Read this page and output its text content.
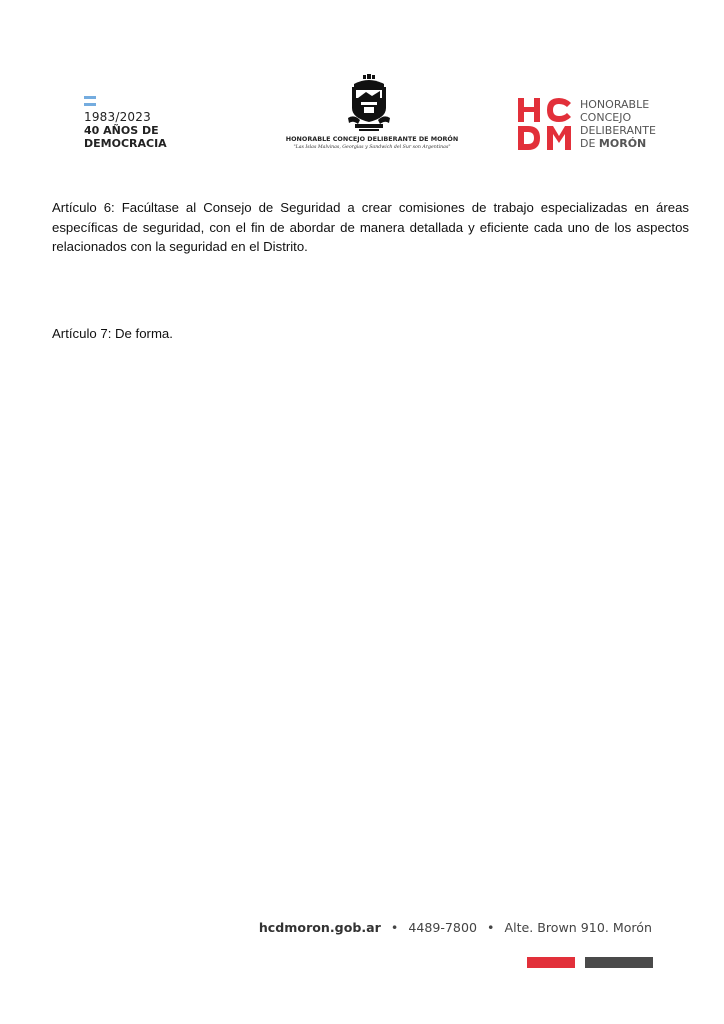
1983/2023
40 AÑOS DE
DEMOCRACIA	HONORABLE CONCEJO DELIBERANTE DE MORÓN
"Las Islas Malvinas, Georgias y Sandwich del Sur son Argentinas"
HONORABLE
CONCEJO
DELIBERANTE
DE MORÓN

Artículo 6: Facúltase al Consejo de Seguridad a crear comisiones de trabajo especializadas en áreas específicas de seguridad, con el fin de abordar de manera detallada y eficiente cada uno de los aspectos relacionados con la seguridad en el Distrito.

Artículo 7: De forma.

hcdmoron.gob.ar • 4489-7800 • Alte. Brown 910. Morón
